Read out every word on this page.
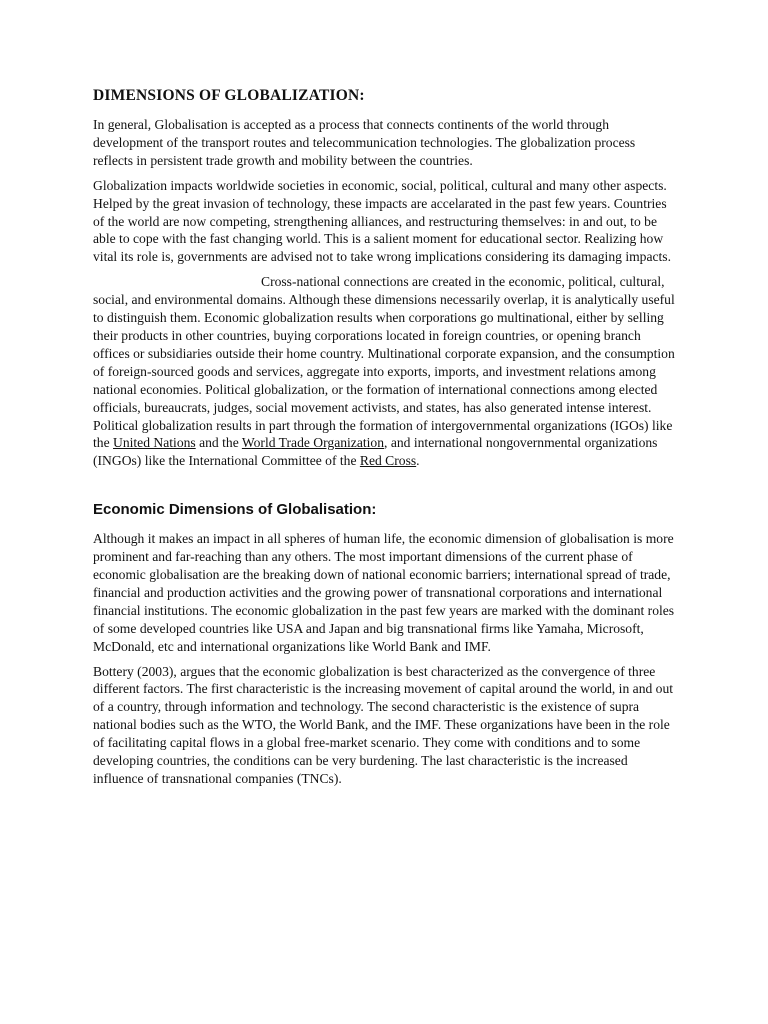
DIMENSIONS OF GLOBALIZATION:

In general, Globalisation is accepted as a process that connects continents of the world through development of the transport routes and telecommunication technologies. The globalization process reflects in persistent trade growth and mobility between the countries.

Globalization impacts worldwide societies in economic, social, political, cultural and many other aspects. Helped by the great invasion of technology, these impacts are accelarated in the past few years. Countries of the world are now competing, strengthening alliances, and restructuring themselves: in and out, to be able to cope with the fast changing world. This is a salient moment for educational sector. Realizing how vital its role is, governments are advised not to take wrong implications considering its damaging impacts.

Cross-national connections are created in the economic, political, cultural, social, and environmental domains. Although these dimensions necessarily overlap, it is analytically useful to distinguish them. Economic globalization results when corporations go multinational, either by selling their products in other countries, buying corporations located in foreign countries, or opening branch offices or subsidiaries outside their home country. Multinational corporate expansion, and the consumption of foreign-sourced goods and services, aggregate into exports, imports, and investment relations among national economies. Political globalization, or the formation of international connections among elected officials, bureaucrats, judges, social movement activists, and states, has also generated intense interest. Political globalization results in part through the formation of intergovernmental organizations (IGOs) like the United Nations and the World Trade Organization, and international nongovernmental organizations (INGOs) like the International Committee of the Red Cross.

Economic Dimensions of Globalisation:

Although it makes an impact in all spheres of human life, the economic dimension of globalisation is more prominent and far-reaching than any others. The most important dimensions of the current phase of economic globalisation are the breaking down of national economic barriers; international spread of trade, financial and production activities and the growing power of transnational corporations and international financial institutions. The economic globalization in the past few years are marked with the dominant roles of some developed countries like USA and Japan and big transnational firms like Yamaha, Microsoft, McDonald, etc and international organizations like World Bank and IMF.

Bottery (2003), argues that the economic globalization is best characterized as the convergence of three different factors. The first characteristic is the increasing movement of capital around the world, in and out of a country, through information and technology. The second characteristic is the existence of supra national bodies such as the WTO, the World Bank, and the IMF. These organizations have been in the role of facilitating capital flows in a global free-market scenario. They come with conditions and to some developing countries, the conditions can be very burdening. The last characteristic is the increased influence of transnational companies (TNCs).
